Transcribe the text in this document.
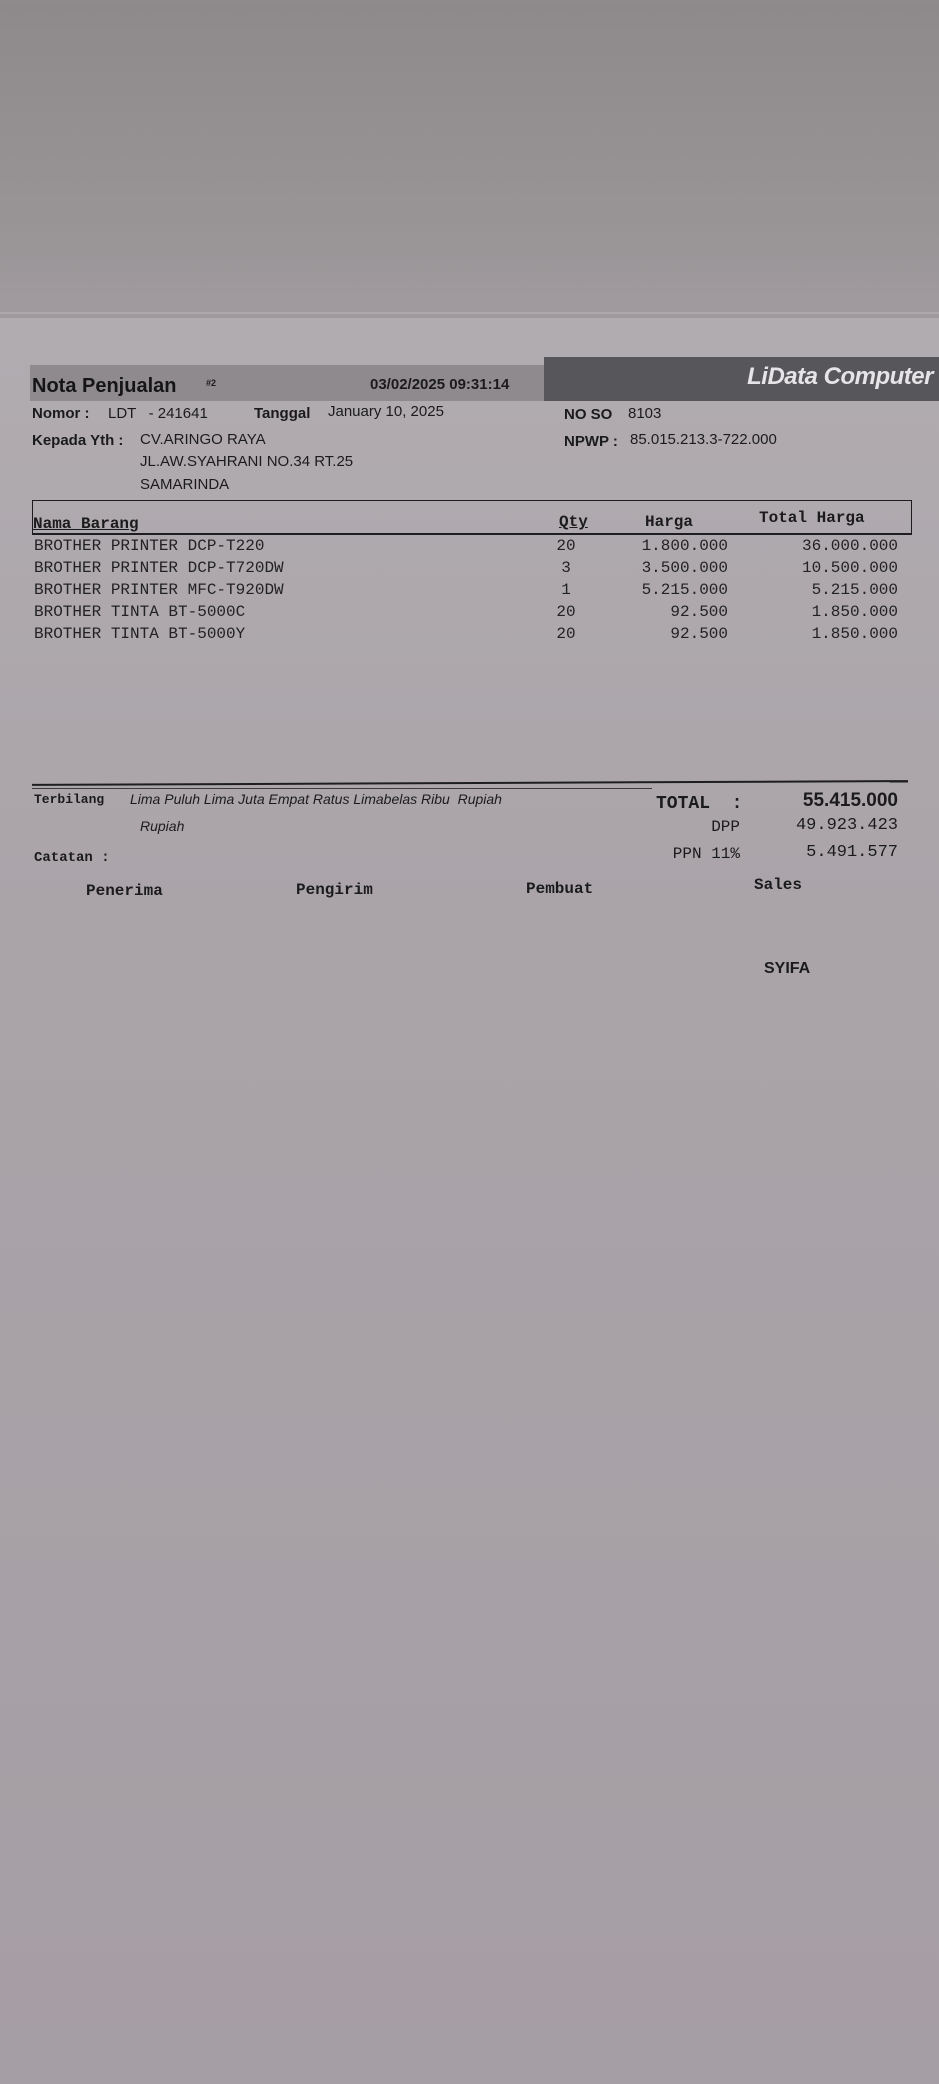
LiData Computer
Nota Penjualan	#2	03/02/2025 09:31:14
Nomor : LDT   - 241641	Tanggal January 10, 2025	NO SO 8103
Kepada Yth : CV.ARINGO RAYA
JL.AW.SYAHRANI NO.34 RT.25
SAMARINDA
NPWP : 85.015.213.3-722.000
Nama Barang	Qty	Harga	Total Harga
BROTHER PRINTER DCP-T220	20	1.800.000	36.000.000
BROTHER PRINTER DCP-T720DW	3	3.500.000	10.500.000
BROTHER PRINTER MFC-T920DW	1	5.215.000	5.215.000
BROTHER TINTA BT-5000C	20	92.500	1.850.000
BROTHER TINTA BT-5000Y	20	92.500	1.850.000
Terbilang Lima Puluh Lima Juta Empat Ratus Limabelas Ribu  Rupiah
Rupiah
TOTAL  :	55.415.000
DPP	49.923.423
Catatan :	PPN 11%	5.491.577
Penerima	Pengirim	Pembuat	Sales
SYIFA
